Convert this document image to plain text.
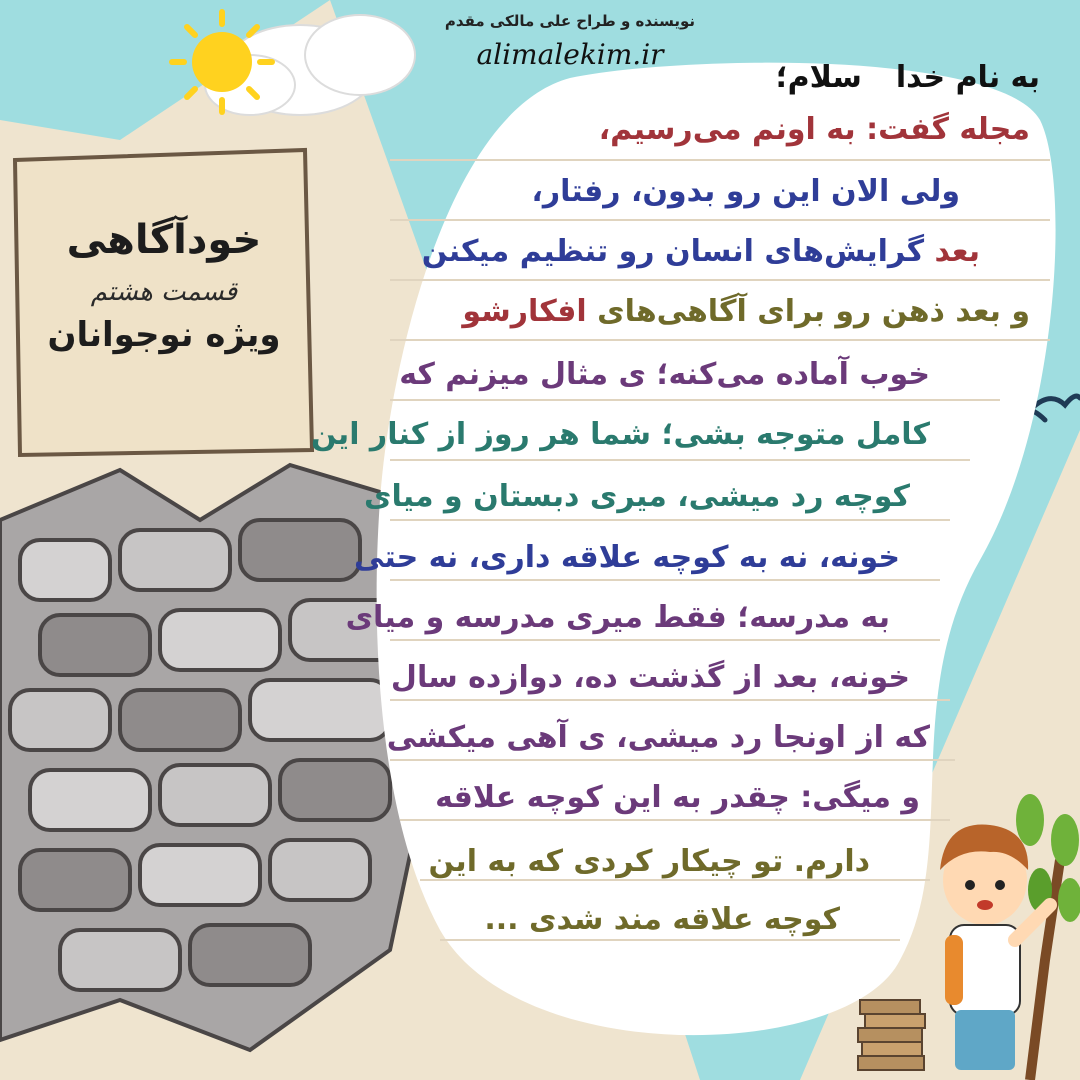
نویسنده و طراح علی مالکی مقدم
alimalekim.ir
خودآگاهی
قسمت هشتم
ویژه نوجوانان
به نام خداسلام؛
مجله گفت: به اونم می‌رسیم،
ولی الان این رو بدون، رفتار،
بعد گرایش‌های انسان رو تنظیم میکنن
و بعد ذهن رو برای آگاهی‌های افکارشو
خوب آماده می‌کنه؛ ی مثال میزنم که
کامل متوجه بشی؛ شما هر روز از کنار این
کوچه رد میشی، میری دبستان و میای
خونه، نه به کوچه علاقه داری، نه حتی
به مدرسه؛ فقط میری مدرسه و میای
خونه، بعد از گذشت ده، دوازده سال
که از اونجا رد میشی، ی آهی میکشی
و میگی: چقدر به این کوچه علاقه
دارم. تو چیکار کردی که به این
کوچه علاقه مند شدی ...
